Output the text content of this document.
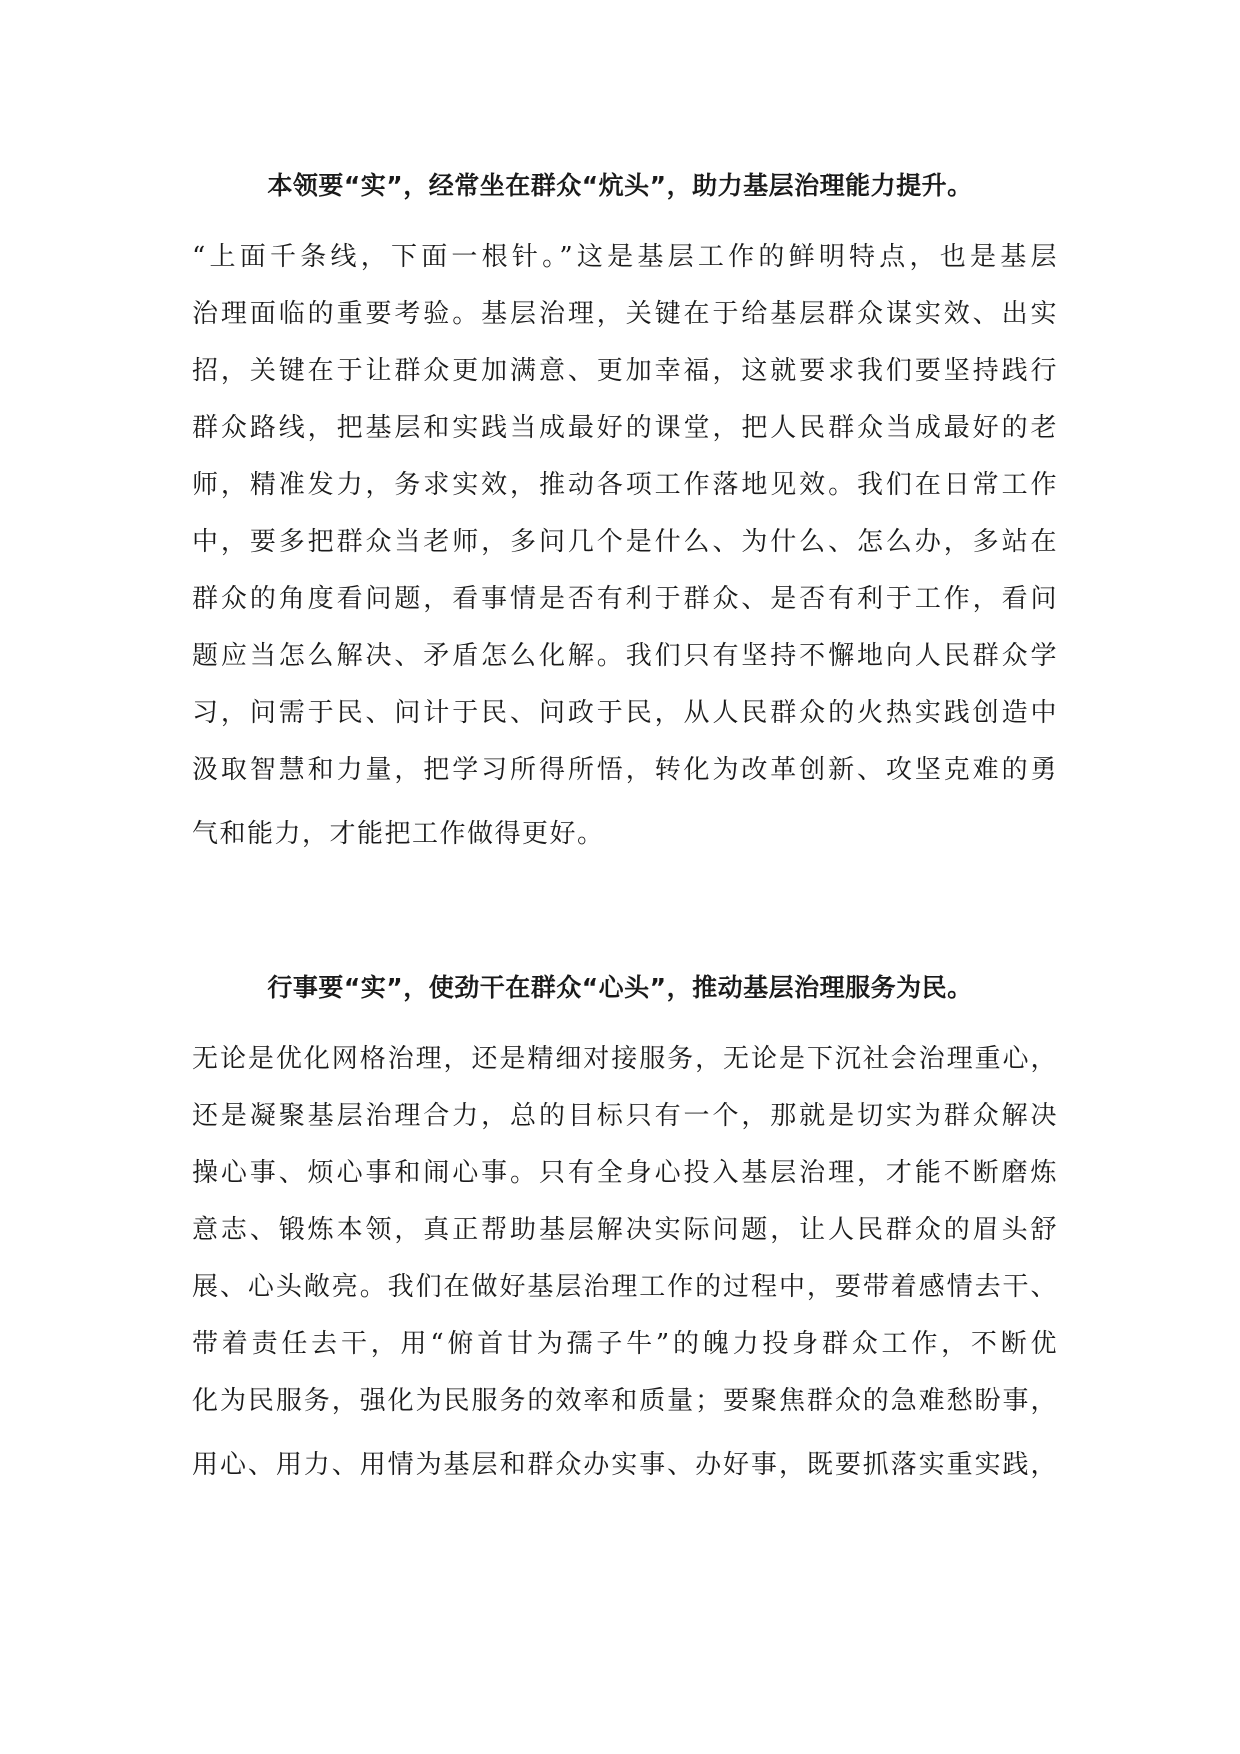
本领要“实”，经常坐在群众“炕头”，助力基层治理能力提升。

“上面千条线，下面一根针。”这是基层工作的鲜明特点，也是基层

治理面临的重要考验。基层治理，关键在于给基层群众谋实效、出实

招，关键在于让群众更加满意、更加幸福，这就要求我们要坚持践行

群众路线，把基层和实践当成最好的课堂，把人民群众当成最好的老

师，精准发力，务求实效，推动各项工作落地见效。我们在日常工作

中，要多把群众当老师，多问几个是什么、为什么、怎么办，多站在

群众的角度看问题，看事情是否有利于群众、是否有利于工作，看问

题应当怎么解决、矛盾怎么化解。我们只有坚持不懈地向人民群众学

习，问需于民、问计于民、问政于民，从人民群众的火热实践创造中

汲取智慧和力量，把学习所得所悟，转化为改革创新、攻坚克难的勇

气和能力，才能把工作做得更好。

行事要“实”，使劲干在群众“心头”，推动基层治理服务为民。

无论是优化网格治理，还是精细对接服务，无论是下沉社会治理重心，

还是凝聚基层治理合力，总的目标只有一个，那就是切实为群众解决

操心事、烦心事和闹心事。只有全身心投入基层治理，才能不断磨炼

意志、锻炼本领，真正帮助基层解决实际问题，让人民群众的眉头舒

展、心头敞亮。我们在做好基层治理工作的过程中，要带着感情去干、

带着责任去干，用“俯首甘为孺子牛”的魄力投身群众工作，不断优

化为民服务，强化为民服务的效率和质量；要聚焦群众的急难愁盼事，

用心、用力、用情为基层和群众办实事、办好事，既要抓落实重实践，
